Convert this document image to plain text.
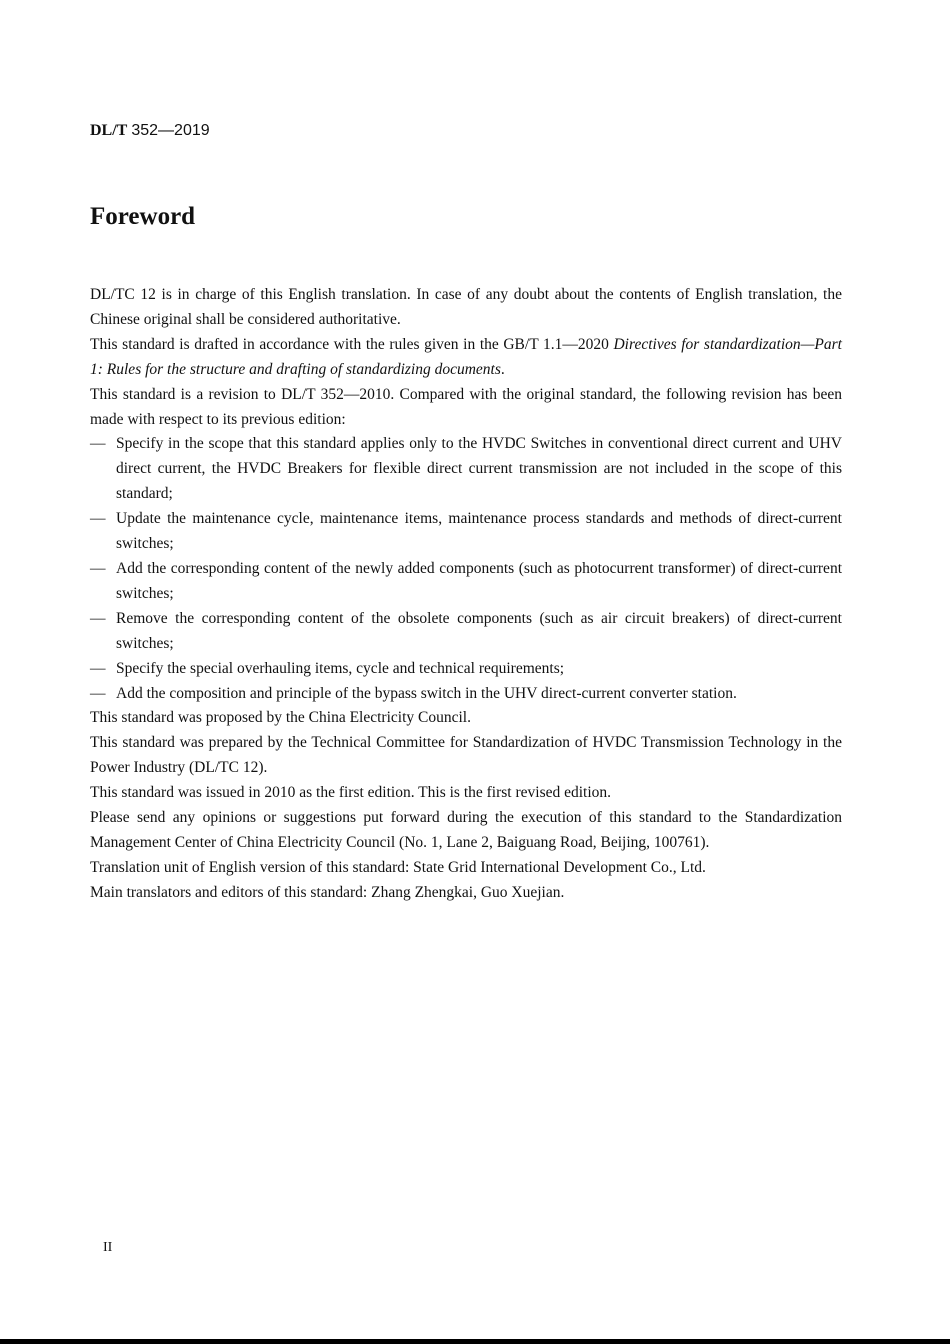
DL/T 352—2019
Foreword

DL/TC 12 is in charge of this English translation. In case of any doubt about the contents of English translation, the Chinese original shall be considered authoritative.

This standard is drafted in accordance with the rules given in the GB/T 1.1—2020 Directives for standardization—Part 1: Rules for the structure and drafting of standardizing documents.

This standard is a revision to DL/T 352—2010. Compared with the original standard, the following revision has been made with respect to its previous edition:

— Specify in the scope that this standard applies only to the HVDC Switches in conventional direct current and UHV direct current, the HVDC Breakers for flexible direct current transmission are not included in the scope of this standard;

— Update the maintenance cycle, maintenance items, maintenance process standards and methods of direct-current switches;

— Add the corresponding content of the newly added components (such as photocurrent transformer) of direct-current switches;

— Remove the corresponding content of the obsolete components (such as air circuit breakers) of direct-current switches;

— Specify the special overhauling items, cycle and technical requirements;

— Add the composition and principle of the bypass switch in the UHV direct-current converter station.

This standard was proposed by the China Electricity Council.

This standard was prepared by the Technical Committee for Standardization of HVDC Transmission Technology in the Power Industry (DL/TC 12).

This standard was issued in 2010 as the first edition. This is the first revised edition.

Please send any opinions or suggestions put forward during the execution of this standard to the Standardization Management Center of China Electricity Council (No. 1, Lane 2, Baiguang Road, Beijing, 100761).

Translation unit of English version of this standard: State Grid International Development Co., Ltd.

Main translators and editors of this standard: Zhang Zhengkai, Guo Xuejian.

II
